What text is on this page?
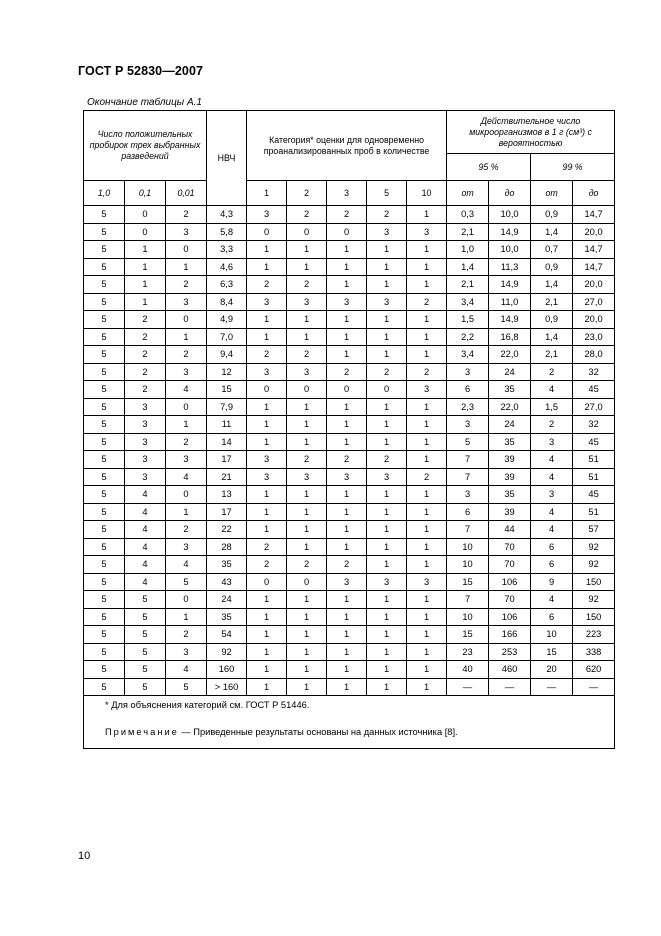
ГОСТ Р 52830—2007
Окончание таблицы А.1
Число положительных пробирок трех выбранных разведений			НВЧ	Категория* оценки для одновременно проанализированных проб в количестве					Действительное число микроорганизмов в 1 г (см³) с вероятностью			
									95 %		99 %	
1,0	0,1	0,01		1	2	3	5	10	от	до	от	до
5	0	2	4,3	3	2	2	2	1	0,3	10,0	0,9	14,7
5	0	3	5,8	0	0	0	3	3	2,1	14,9	1,4	20,0
5	1	0	3,3	1	1	1	1	1	1,0	10,0	0,7	14,7
5	1	1	4,6	1	1	1	1	1	1,4	11,3	0,9	14,7
5	1	2	6,3	2	2	1	1	1	2,1	14,9	1,4	20,0
5	1	3	8,4	3	3	3	3	2	3,4	11,0	2,1	27,0
5	2	0	4,9	1	1	1	1	1	1,5	14,9	0,9	20,0
5	2	1	7,0	1	1	1	1	1	2,2	16,8	1,4	23,0
5	2	2	9,4	2	2	1	1	1	3,4	22,0	2,1	28,0
5	2	3	12	3	3	2	2	2	3	24	2	32
5	2	4	15	0	0	0	0	3	6	35	4	45
5	3	0	7,9	1	1	1	1	1	2,3	22,0	1,5	27,0
5	3	1	11	1	1	1	1	1	3	24	2	32
5	3	2	14	1	1	1	1	1	5	35	3	45
5	3	3	17	3	2	2	2	1	7	39	4	51
5	3	4	21	3	3	3	3	2	7	39	4	51
5	4	0	13	1	1	1	1	1	3	35	3	45
5	4	1	17	1	1	1	1	1	6	39	4	51
5	4	2	22	1	1	1	1	1	7	44	4	57
5	4	3	28	2	1	1	1	1	10	70	6	92
5	4	4	35	2	2	2	1	1	10	70	6	92
5	4	5	43	0	0	3	3	3	15	106	9	150
5	5	0	24	1	1	1	1	1	7	70	4	92
5	5	1	35	1	1	1	1	1	10	106	6	150
5	5	2	54	1	1	1	1	1	15	166	10	223
5	5	3	92	1	1	1	1	1	23	253	15	338
5	5	4	160	1	1	1	1	1	40	460	20	620
5	5	5	> 160	1	1	1	1	1	—	—	—	—
* Для объяснения категорий см. ГОСТ Р 51446.												
Примечание — Приведенные результаты основаны на данных источника [8].												
10
